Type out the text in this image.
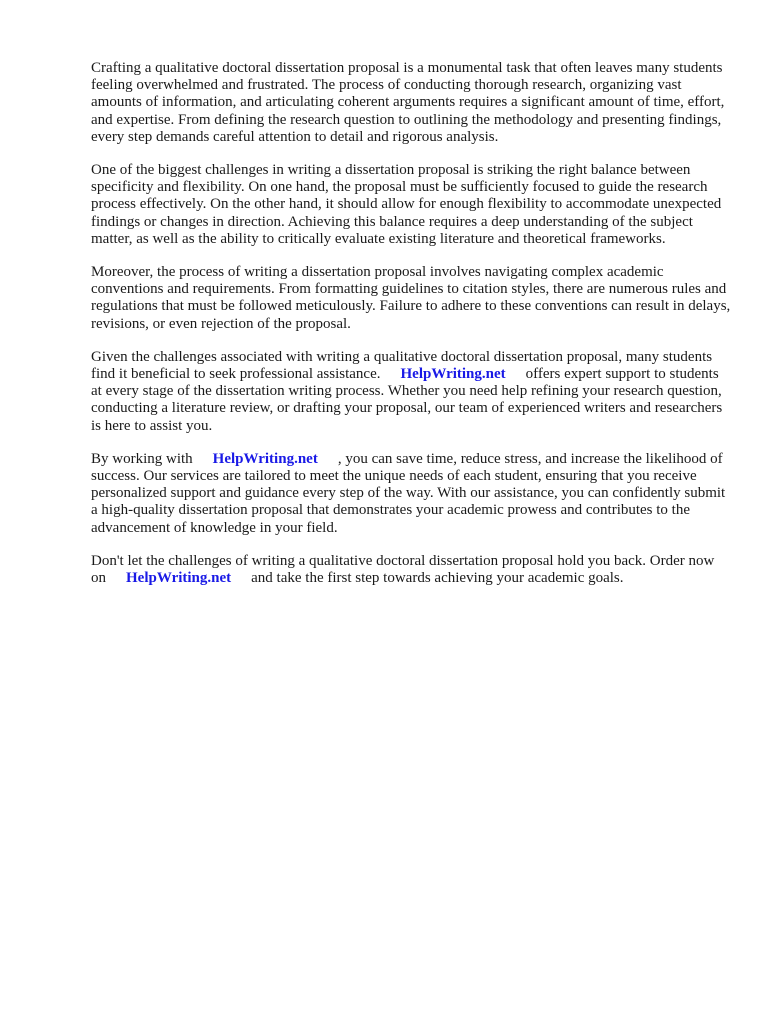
Crafting a qualitative doctoral dissertation proposal is a monumental task that often leaves many students feeling overwhelmed and frustrated. The process of conducting thorough research, organizing vast amounts of information, and articulating coherent arguments requires a significant amount of time, effort, and expertise. From defining the research question to outlining the methodology and presenting findings, every step demands careful attention to detail and rigorous analysis.

One of the biggest challenges in writing a dissertation proposal is striking the right balance between specificity and flexibility. On one hand, the proposal must be sufficiently focused to guide the research process effectively. On the other hand, it should allow for enough flexibility to accommodate unexpected findings or changes in direction. Achieving this balance requires a deep understanding of the subject matter, as well as the ability to critically evaluate existing literature and theoretical frameworks.

Moreover, the process of writing a dissertation proposal involves navigating complex academic conventions and requirements. From formatting guidelines to citation styles, there are numerous rules and regulations that must be followed meticulously. Failure to adhere to these conventions can result in delays, revisions, or even rejection of the proposal.

Given the challenges associated with writing a qualitative doctoral dissertation proposal, many students find it beneficial to seek professional assistance. HelpWriting.net offers expert support to students at every stage of the dissertation writing process. Whether you need help refining your research question, conducting a literature review, or drafting your proposal, our team of experienced writers and researchers is here to assist you.

By working with HelpWriting.net , you can save time, reduce stress, and increase the likelihood of success. Our services are tailored to meet the unique needs of each student, ensuring that you receive personalized support and guidance every step of the way. With our assistance, you can confidently submit a high-quality dissertation proposal that demonstrates your academic prowess and contributes to the advancement of knowledge in your field.

Don't let the challenges of writing a qualitative doctoral dissertation proposal hold you back. Order now on HelpWriting.net and take the first step towards achieving your academic goals.
